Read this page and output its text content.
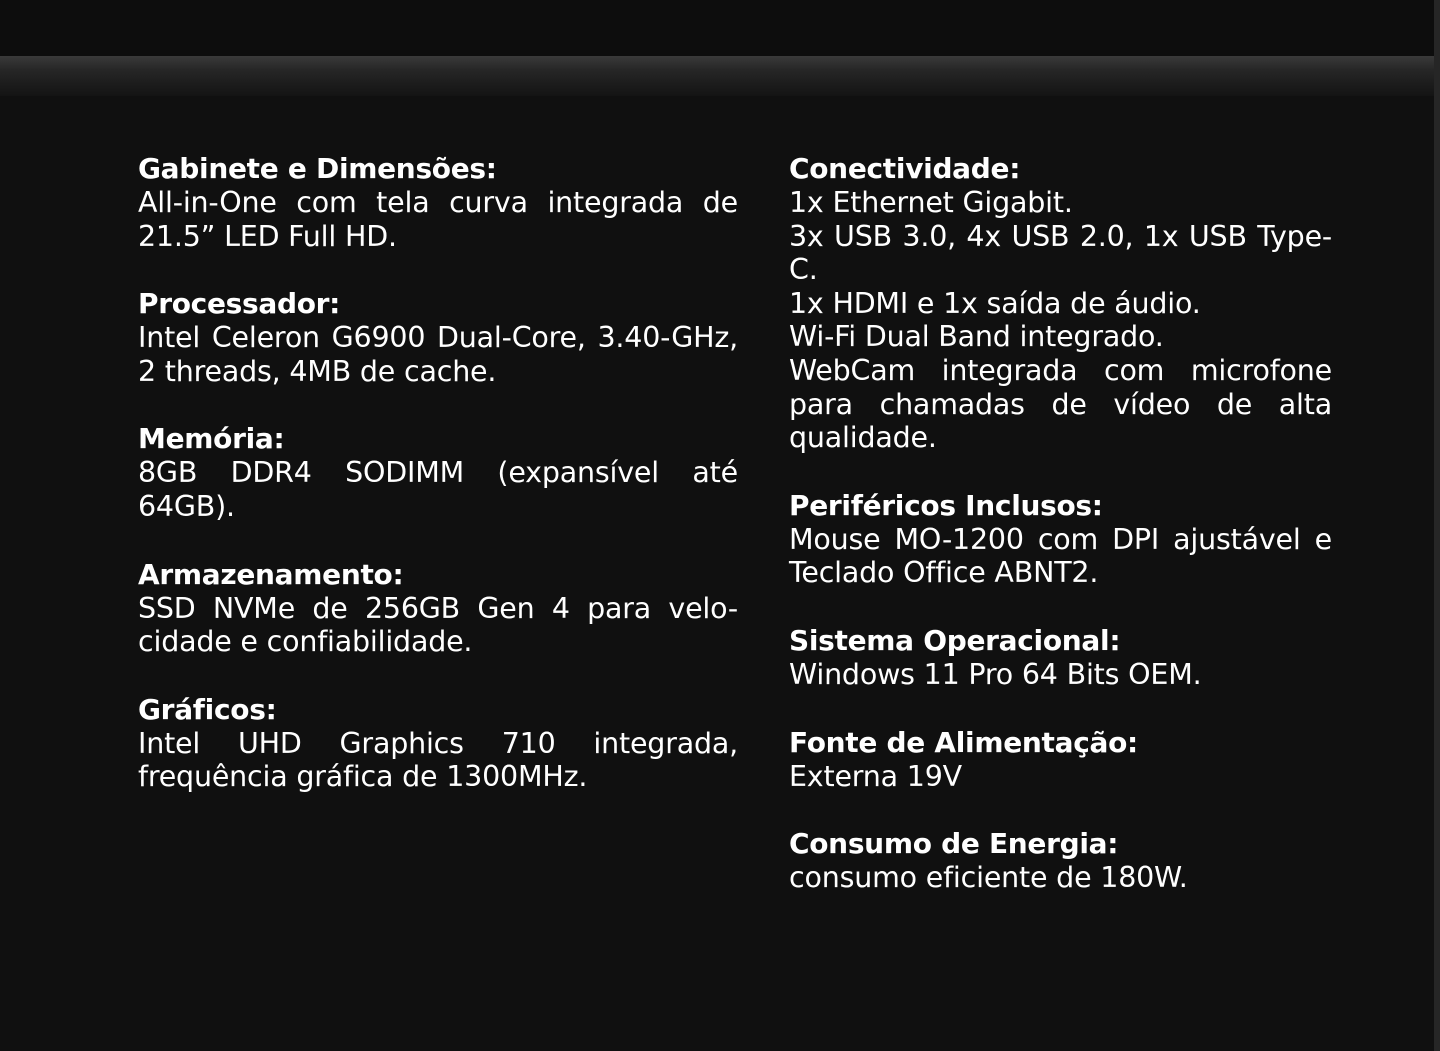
Gabinete e Dimensões:

All-in-One com tela curva integrada de 21.5” LED Full HD.

Processador:

Intel Celeron G6900 Dual-Core, 3.40-GHz, 2 threads, 4MB de cache.

Memória:

8GB DDR4 SODIMM (expansível até 64GB).

Armazenamento:

SSD NVMe de 256GB Gen 4 para velo-cidade e confiabilidade.

Gráficos:

Intel UHD Graphics 710 integrada, frequência gráfica de 1300MHz.

Conectividade:

1x Ethernet Gigabit.

3x USB 3.0, 4x USB 2.0, 1x USB Type-C.

1x HDMI e 1x saída de áudio.

Wi-Fi Dual Band integrado.

WebCam integrada com microfone para chamadas de vídeo de alta qualidade.

Periféricos Inclusos:

Mouse MO-1200 com DPI ajustável e Teclado Office ABNT2.

Sistema Operacional:

Windows 11 Pro 64 Bits OEM.

Fonte de Alimentação:

Externa 19V

Consumo de Energia:

consumo eficiente de 180W.
